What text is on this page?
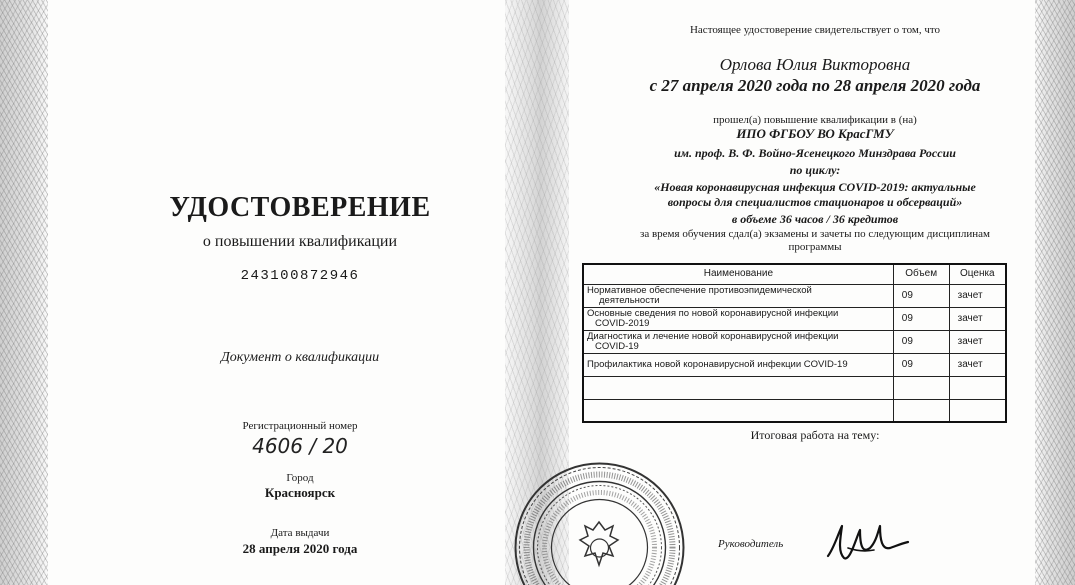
УДОСТОВЕРЕНИЕ
о повышении квалификации
243100872946
Документ о квалификации
Регистрационный номер
4606 / 20
Город
Красноярск
Дата выдачи
28 апреля 2020 года
Настоящее удостоверение свидетельствует о том, что
Орлова Юлия Викторовна
с 27 апреля 2020 года по 28 апреля 2020 года
прошел(а) повышение квалификации в (на)
ИПО ФГБОУ ВО КрасГМУ
им. проф. В. Ф. Войно-Ясенецкого Минздрава России
по циклу:
«Новая коронавирусная инфекция COVID-2019: актуальные
вопросы для специалистов стационаров и обсерваций»
в объеме 36 часов / 36 кредитов
за время обучения сдал(а) экзамены и зачеты по следующим дисциплинам
программы
Наименование	Объем	Оценка

Нормативное обеспечение противоэпидемической
деятельности	09	зачет

Основные сведения по новой коронавирусной инфекции
COVID-2019	09	зачет

Диагностика и лечение новой коронавирусной инфекции
COVID-19	09	зачет

Профилактика новой коронавирусной инфекции COVID-19	09	зачет

Итоговая работа на тему:
Руководитель
